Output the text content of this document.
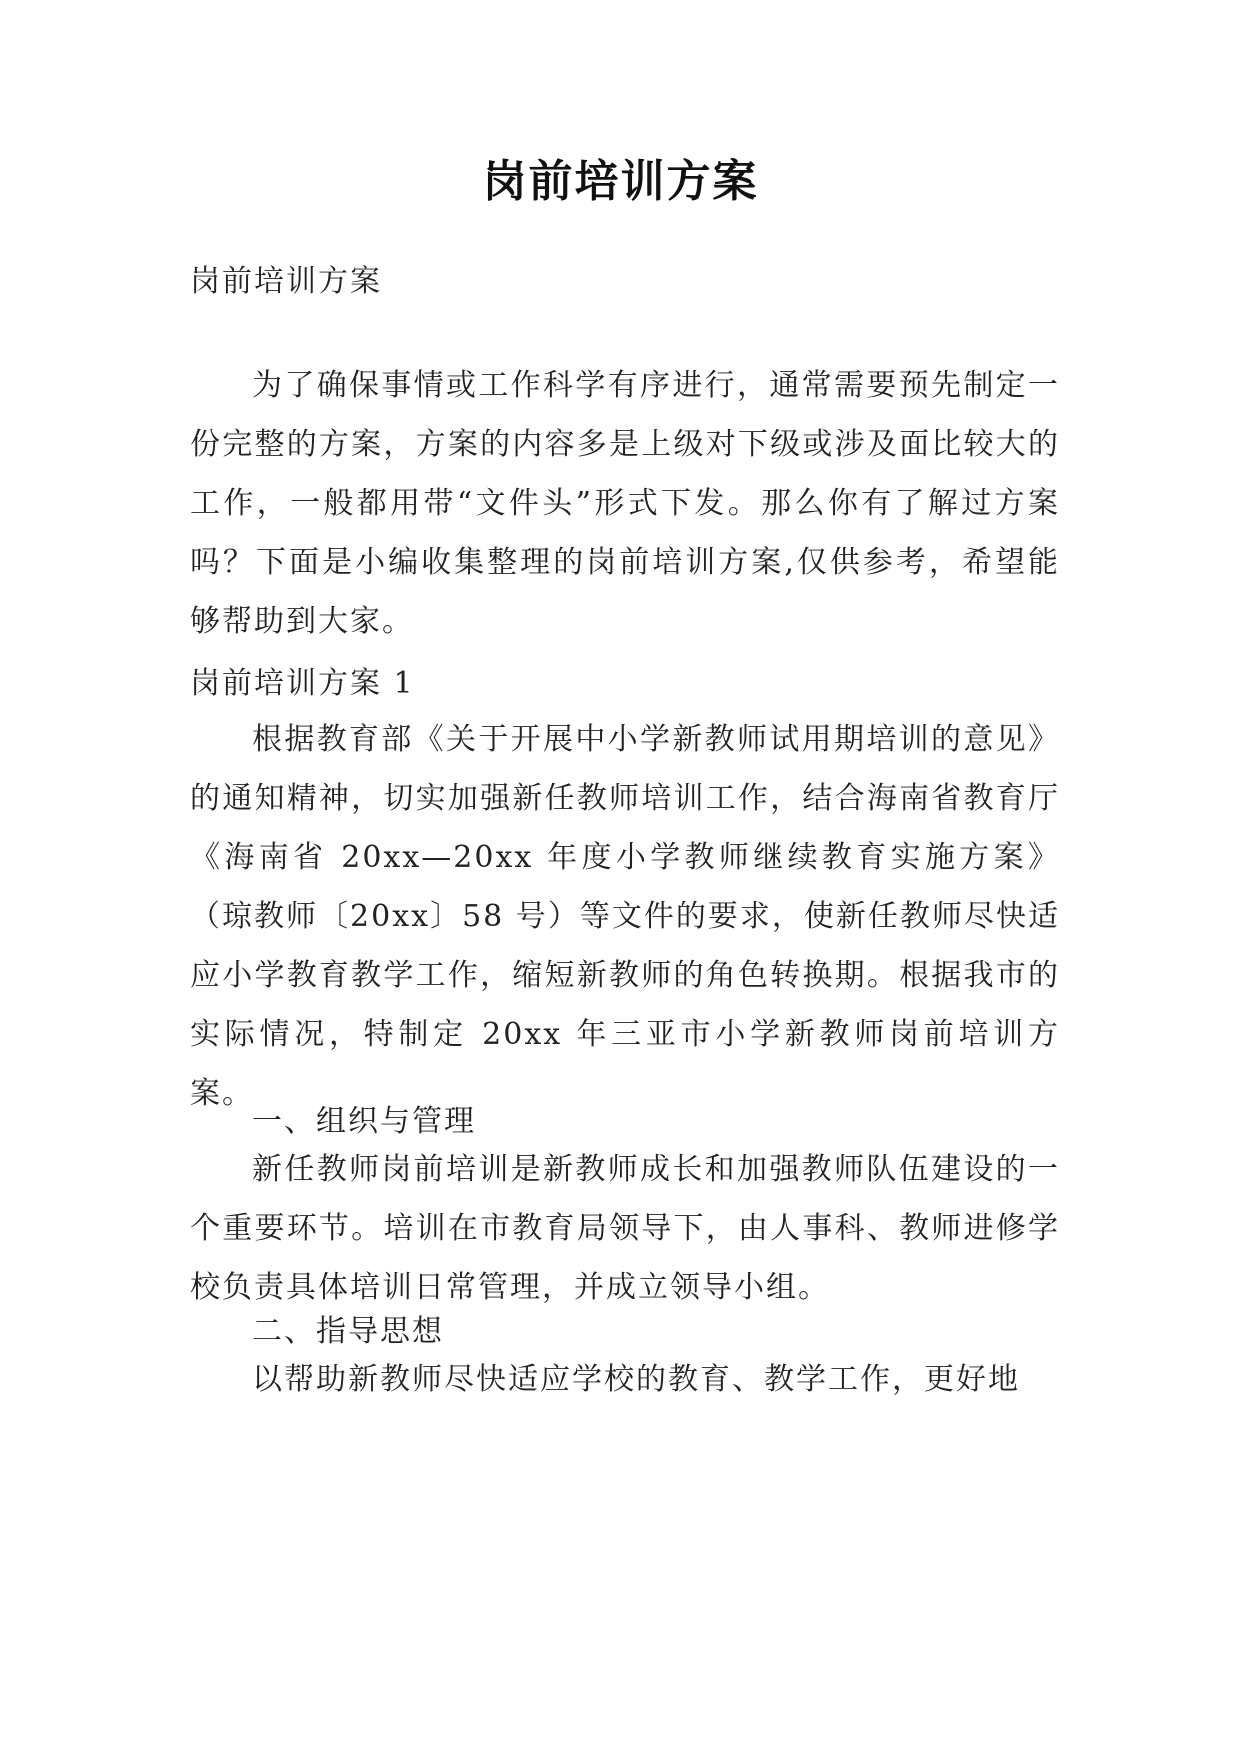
岗前培训方案

岗前培训方案

为了确保事情或工作科学有序进行，通常需要预先制定一份完整的方案，方案的内容多是上级对下级或涉及面比较大的工作，一般都用带“文件头”形式下发。那么你有了解过方案吗？下面是小编收集整理的岗前培训方案,仅供参考，希望能够帮助到大家。

岗前培训方案 1

根据教育部《关于开展中小学新教师试用期培训的意见》的通知精神，切实加强新任教师培训工作，结合海南省教育厅《海南省 20xx—20xx 年度小学教师继续教育实施方案》（琼教师〔20xx〕58 号）等文件的要求，使新任教师尽快适应小学教育教学工作，缩短新教师的角色转换期。根据我市的实际情况，特制定 20xx 年三亚市小学新教师岗前培训方案。

一、组织与管理

新任教师岗前培训是新教师成长和加强教师队伍建设的一个重要环节。培训在市教育局领导下，由人事科、教师进修学校负责具体培训日常管理，并成立领导小组。

二、指导思想

以帮助新教师尽快适应学校的教育、教学工作，更好地
